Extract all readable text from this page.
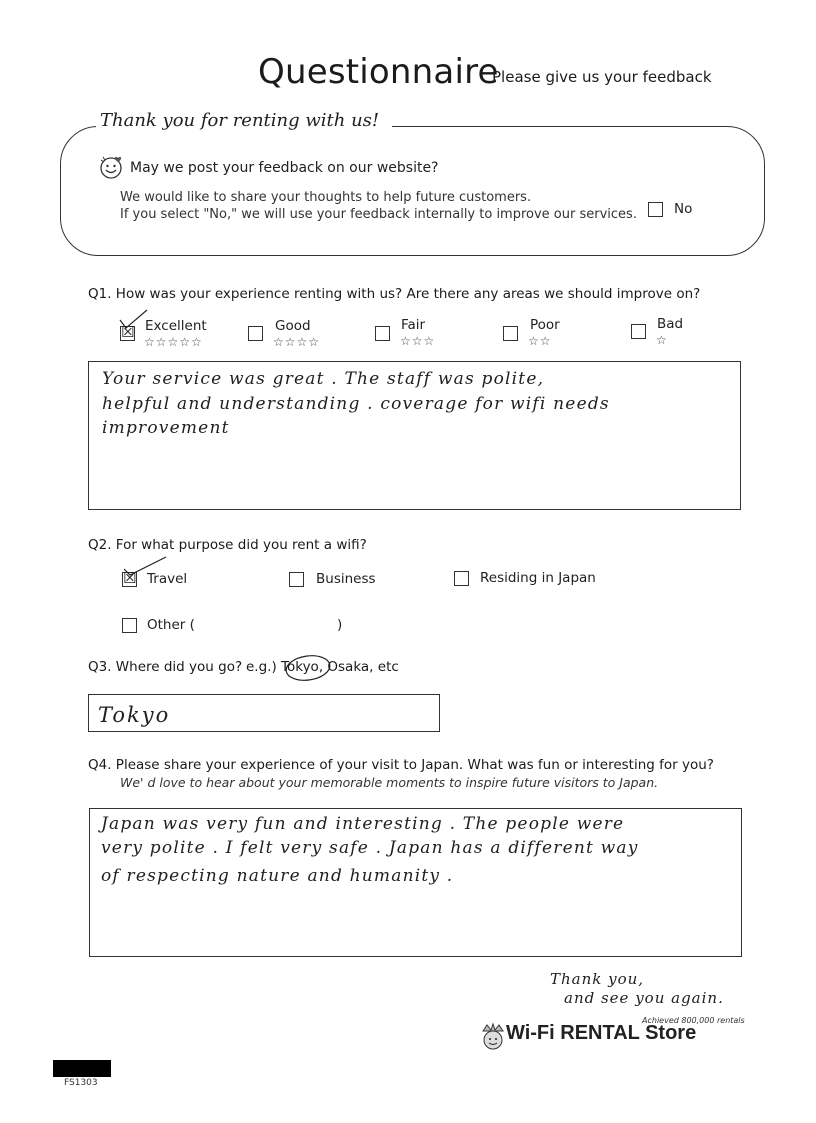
Questionnaire
Please give us your feedback
Thank you for renting with us!
May we post your feedback on our website?
We would like to share your thoughts to help future customers.
If you select "No," we will use your feedback internally to improve our services.	No
Q1. How was your experience renting with us? Are there any areas we should improve on?
☒ Excellent
☆☆☆☆☆
Good
☆☆☆☆
Fair
☆☆☆
Poor
☆☆
Bad
☆
Your service was great . The staff was polite,
helpful and understanding . coverage for wifi needs
improvement
Q2. For what purpose did you rent a wifi?
☒ Travel	Business	Residing in Japan
Other (	)
Q3. Where did you go? e.g.) Tokyo, Osaka, etc
Tokyo
Q4. Please share your experience of your visit to Japan. What was fun or interesting for you?
We' d love to hear about your memorable moments to inspire future visitors to Japan.
Japan was very fun and interesting . The people were
very polite . I felt very safe . Japan has a different way
of respecting nature and humanity .
Thank you,
and see you again.
Achieved 800,000 rentals
Wi-Fi RENTAL Store
FS1303
